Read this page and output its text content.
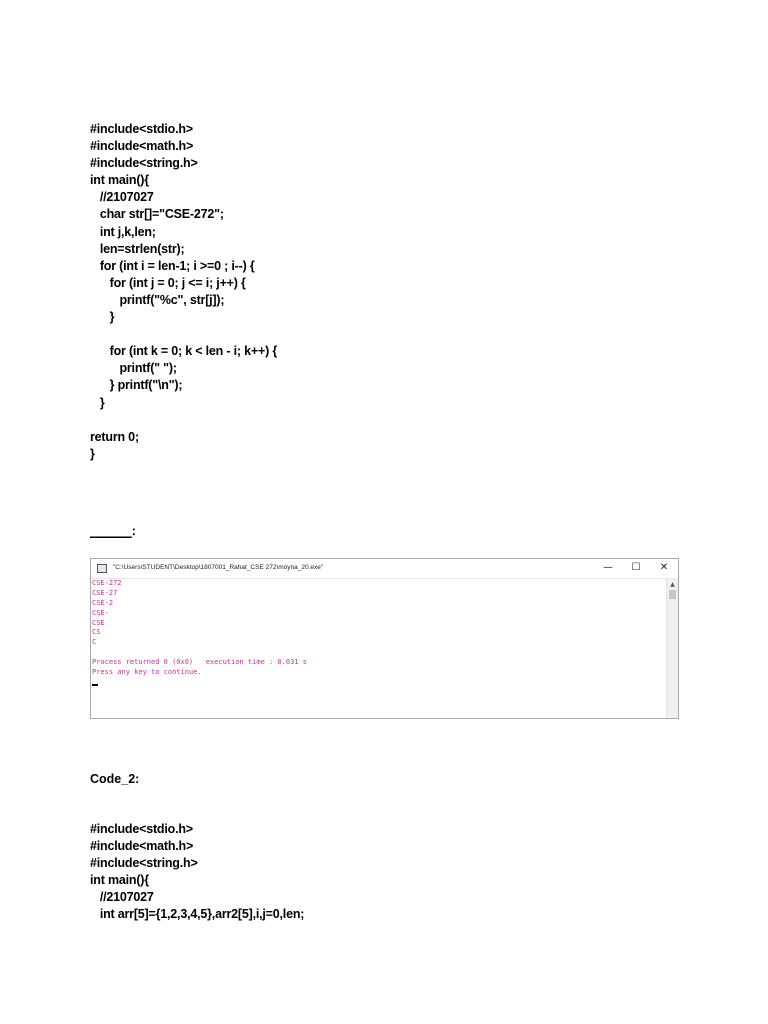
#include<stdio.h>
#include<math.h>
#include<string.h>
int main(){
//2107027
char str[]="CSE-272";
int j,k,len;
len=strlen(str);
for (int i = len-1; i >=0 ; i--) {
for (int j = 0; j <= i; j++) {
printf("%c", str[j]);
}
for (int k = 0; k < len - i; k++) {
printf(" ");
} printf("\n");
}
return 0;
}
______:
"C:\Users\STUDENT\Desktop\1807001_Rahat_CSE 272\moyna_20.exe"	—	☐	✕
CSE-272
CSE-27
CSE-2
CSE-
CSE
CS
C
Process returned 0 (0x0)   execution time : 0.031 s
Press any key to continue.
▲
Code_2:
#include<stdio.h>
#include<math.h>
#include<string.h>
int main(){
//2107027
int arr[5]={1,2,3,4,5},arr2[5],i,j=0,len;
